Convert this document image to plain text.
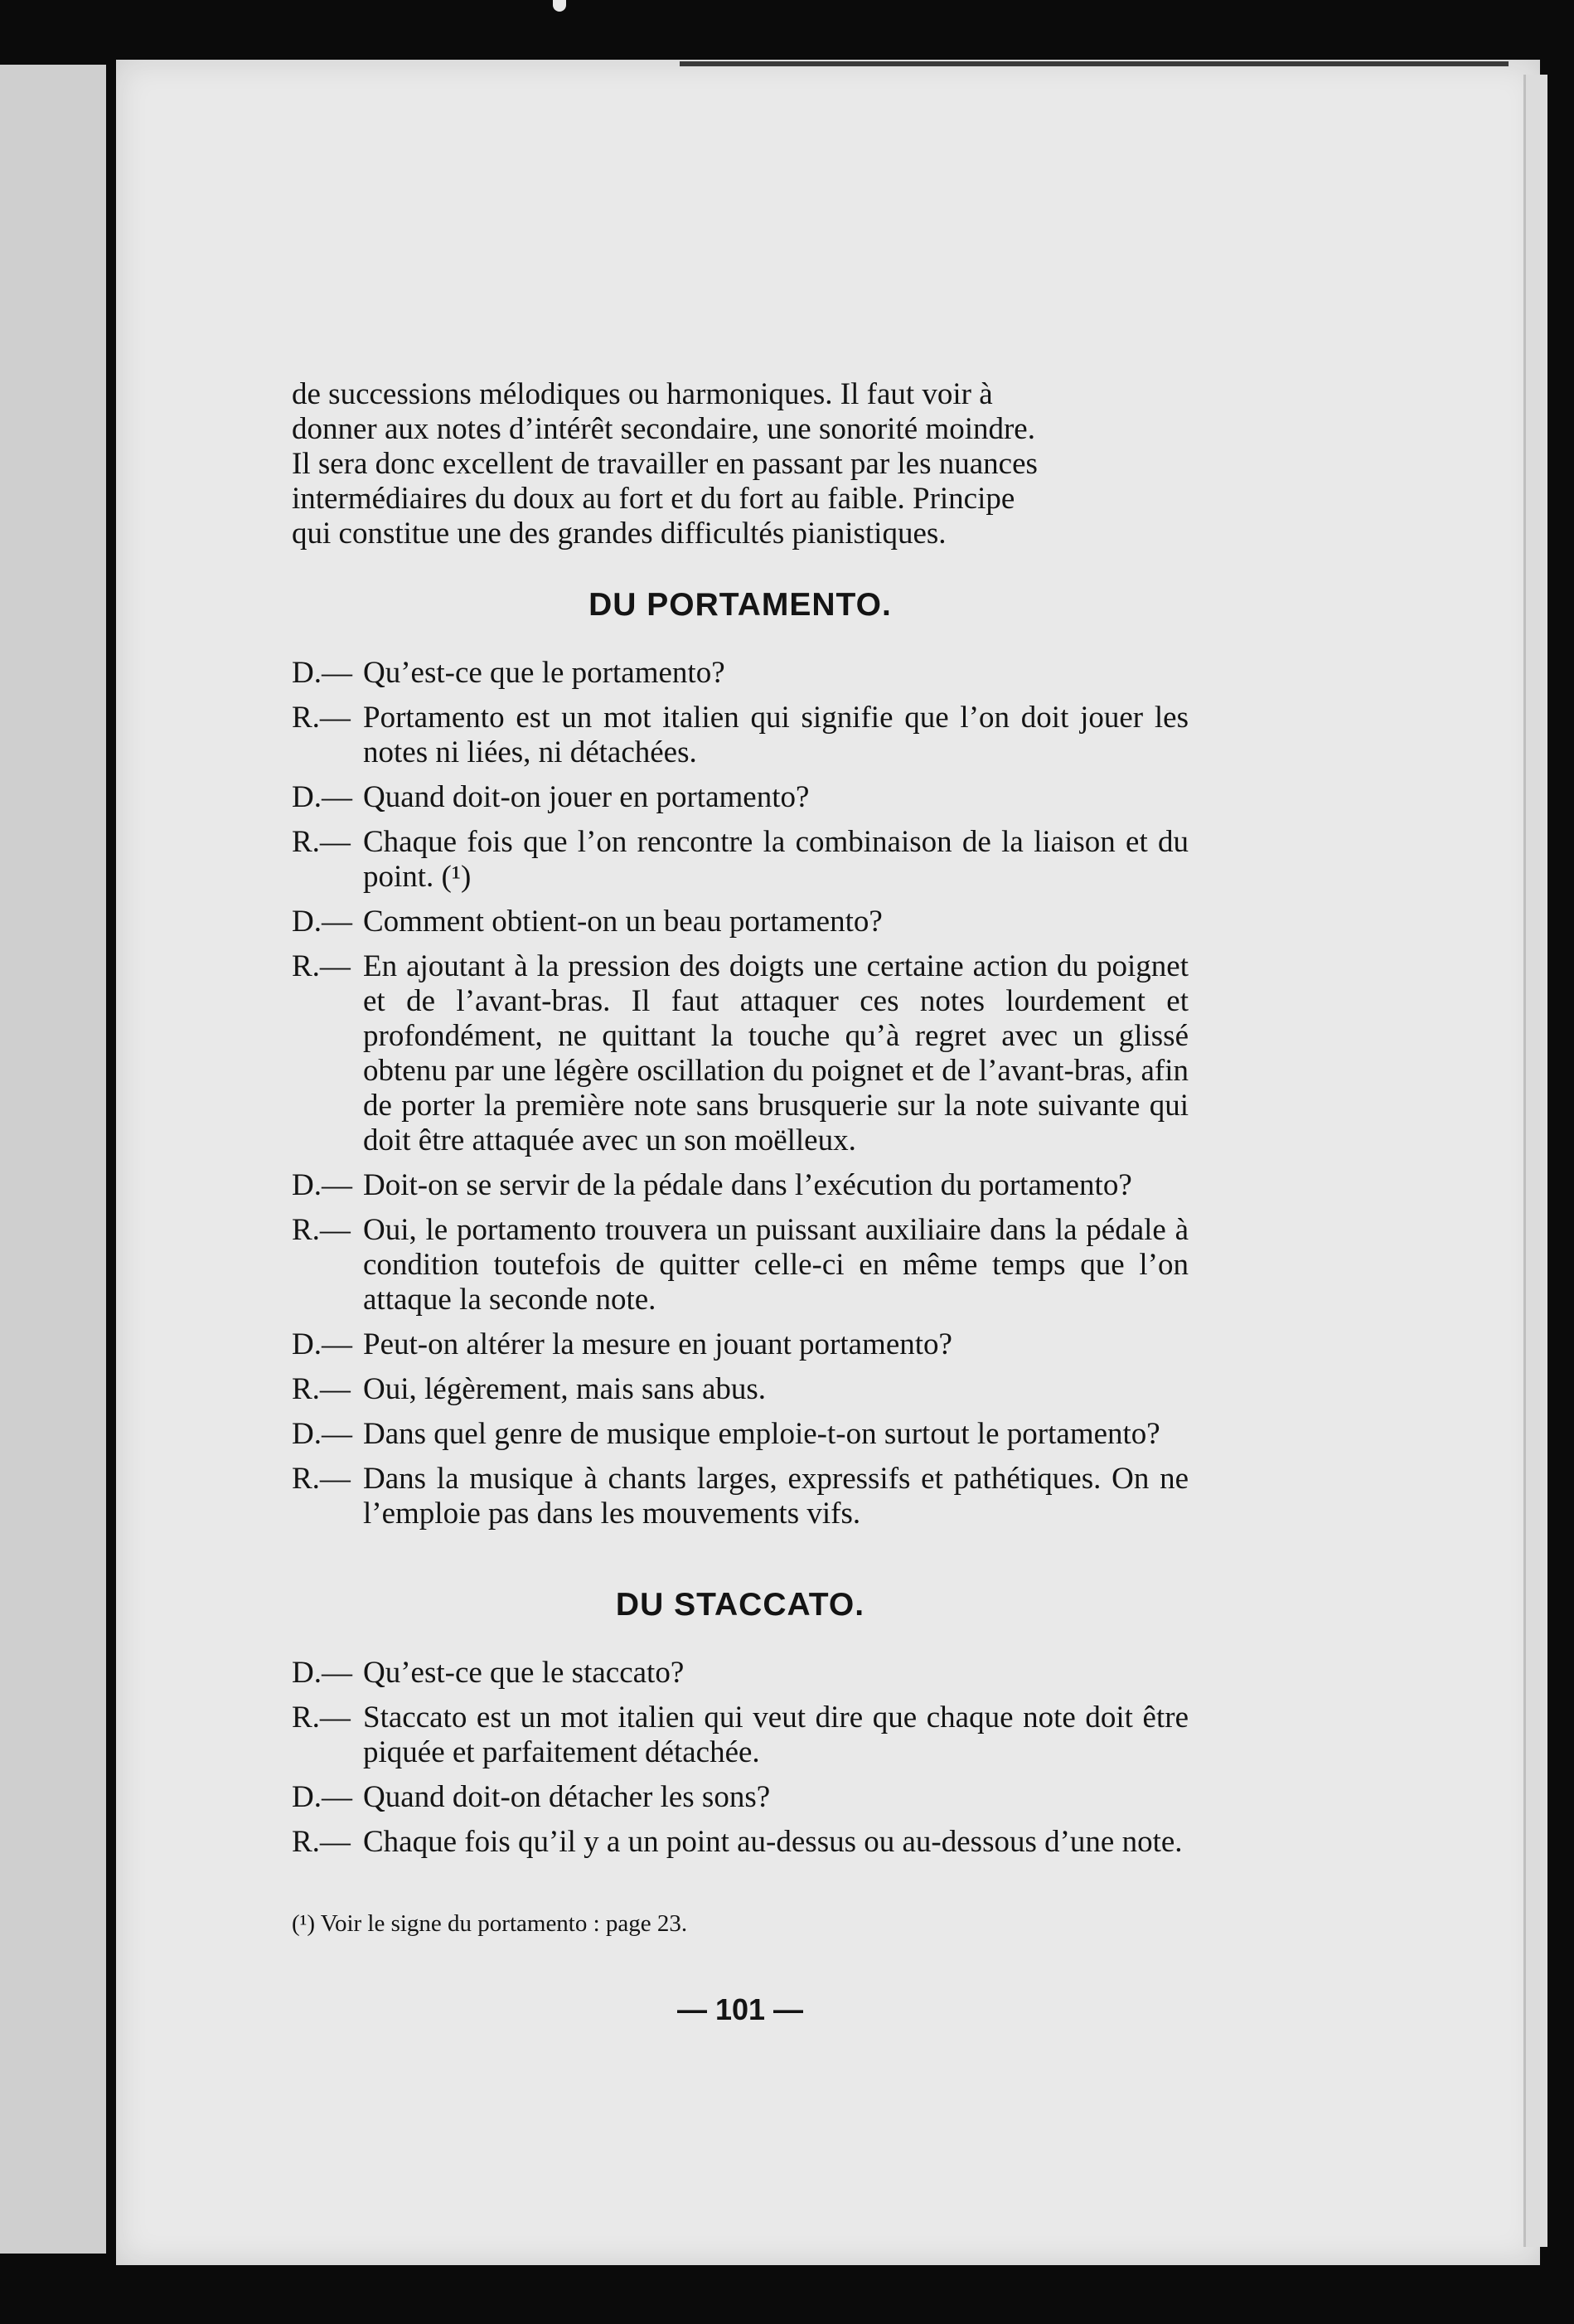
de successions mélodiques ou harmoniques. Il faut voir à

donner aux notes d’intérêt secondaire, une sonorité moindre.

Il sera donc excellent de travailler en passant par les nuances

intermédiaires du doux au fort et du fort au faible. Principe

qui constitue une des grandes difficultés pianistiques.

DU PORTAMENTO.
D.— Qu’est-ce que le portamento?
R.— Portamento est un mot italien qui signifie que l’on doit jouer les notes ni liées, ni détachées.
D.— Quand doit-on jouer en portamento?
R.— Chaque fois que l’on rencontre la combinaison de la liaison et du point. (¹)
D.— Comment obtient-on un beau portamento?
R.— En ajoutant à la pression des doigts une certaine action du poignet et de l’avant-bras. Il faut attaquer ces notes lourdement et profondément, ne quittant la touche qu’à regret avec un glissé obtenu par une légère oscillation du poignet et de l’avant-bras, afin de porter la première note sans brusquerie sur la note suivante qui doit être attaquée avec un son moëlleux.
D.— Doit-on se servir de la pédale dans l’exécution du portamento?
R.— Oui, le portamento trouvera un puissant auxiliaire dans la pédale à condition toutefois de quitter celle-ci en même temps que l’on attaque la seconde note.
D.— Peut-on altérer la mesure en jouant portamento?
R.— Oui, légèrement, mais sans abus.
D.— Dans quel genre de musique emploie-t-on surtout le portamento?
R.— Dans la musique à chants larges, expressifs et pathétiques. On ne l’emploie pas dans les mouvements vifs.
DU STACCATO.
D.— Qu’est-ce que le staccato?
R.— Staccato est un mot italien qui veut dire que chaque note doit être piquée et parfaitement détachée.
D.— Quand doit-on détacher les sons?
R.— Chaque fois qu’il y a un point au-dessus ou au-dessous d’une note.

(¹) Voir le signe du portamento : page 23.

— 101 —
